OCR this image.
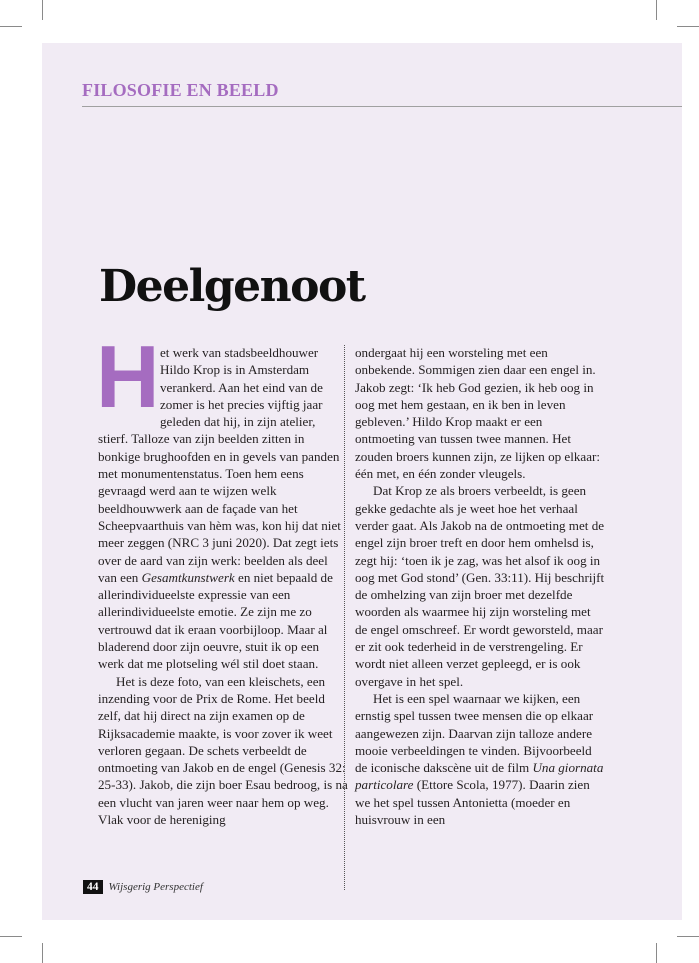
FILOSOFIE EN BEELD
Deelgenoot

Het werk van stadsbeeldhouwer Hildo Krop is in Amsterdam verankerd. Aan het eind van de zomer is het precies vijftig jaar geleden dat hij, in zijn atelier, stierf. Talloze van zijn beelden zitten in bonkige brughoofden en in gevels van panden met monumentenstatus. Toen hem eens gevraagd werd aan te wijzen welk beeldhouwwerk aan de façade van het Scheepvaarthuis van hèm was, kon hij dat niet meer zeggen (NRC 3 juni 2020). Dat zegt iets over de aard van zijn werk: beelden als deel van een Gesamtkunstwerk en niet bepaald de allerindividueelste expressie van een allerindividueelste emotie. Ze zijn me zo vertrouwd dat ik eraan voorbijloop. Maar al bladerend door zijn oeuvre, stuit ik op een werk dat me plotseling wél stil doet staan.

Het is deze foto, van een kleischets, een inzending voor de Prix de Rome. Het beeld zelf, dat hij direct na zijn examen op de Rijksacademie maakte, is voor zover ik weet verloren gegaan. De schets verbeeldt de ontmoeting van Jakob en de engel (Genesis 32: 25-33). Jakob, die zijn boer Esau bedroog, is na een vlucht van jaren weer naar hem op weg. Vlak voor de hereniging

ondergaat hij een worsteling met een onbekende. Sommigen zien daar een engel in. Jakob zegt: ‘Ik heb God gezien, ik heb oog in oog met hem gestaan, en ik ben in leven gebleven.’ Hildo Krop maakt er een ontmoeting van tussen twee mannen. Het zouden broers kunnen zijn, ze lijken op elkaar: één met, en één zonder vleugels.

Dat Krop ze als broers verbeeldt, is geen gekke gedachte als je weet hoe het verhaal verder gaat. Als Jakob na de ontmoeting met de engel zijn broer treft en door hem omhelsd is, zegt hij: ‘toen ik je zag, was het alsof ik oog in oog met God stond’ (Gen. 33:11). Hij beschrijft de omhelzing van zijn broer met dezelfde woorden als waarmee hij zijn worsteling met de engel omschreef. Er wordt geworsteld, maar er zit ook tederheid in de verstrengeling. Er wordt niet alleen verzet gepleegd, er is ook overgave in het spel.

Het is een spel waarnaar we kijken, een ernstig spel tussen twee mensen die op elkaar aangewezen zijn. Daarvan zijn talloze andere mooie verbeeldingen te vinden. Bijvoorbeeld de iconische dakscène uit de film Una giornata particolare (Ettore Scola, 1977). Daarin zien we het spel tussen Antonietta (moeder en huisvrouw in een

44 Wijsgerig Perspectief
